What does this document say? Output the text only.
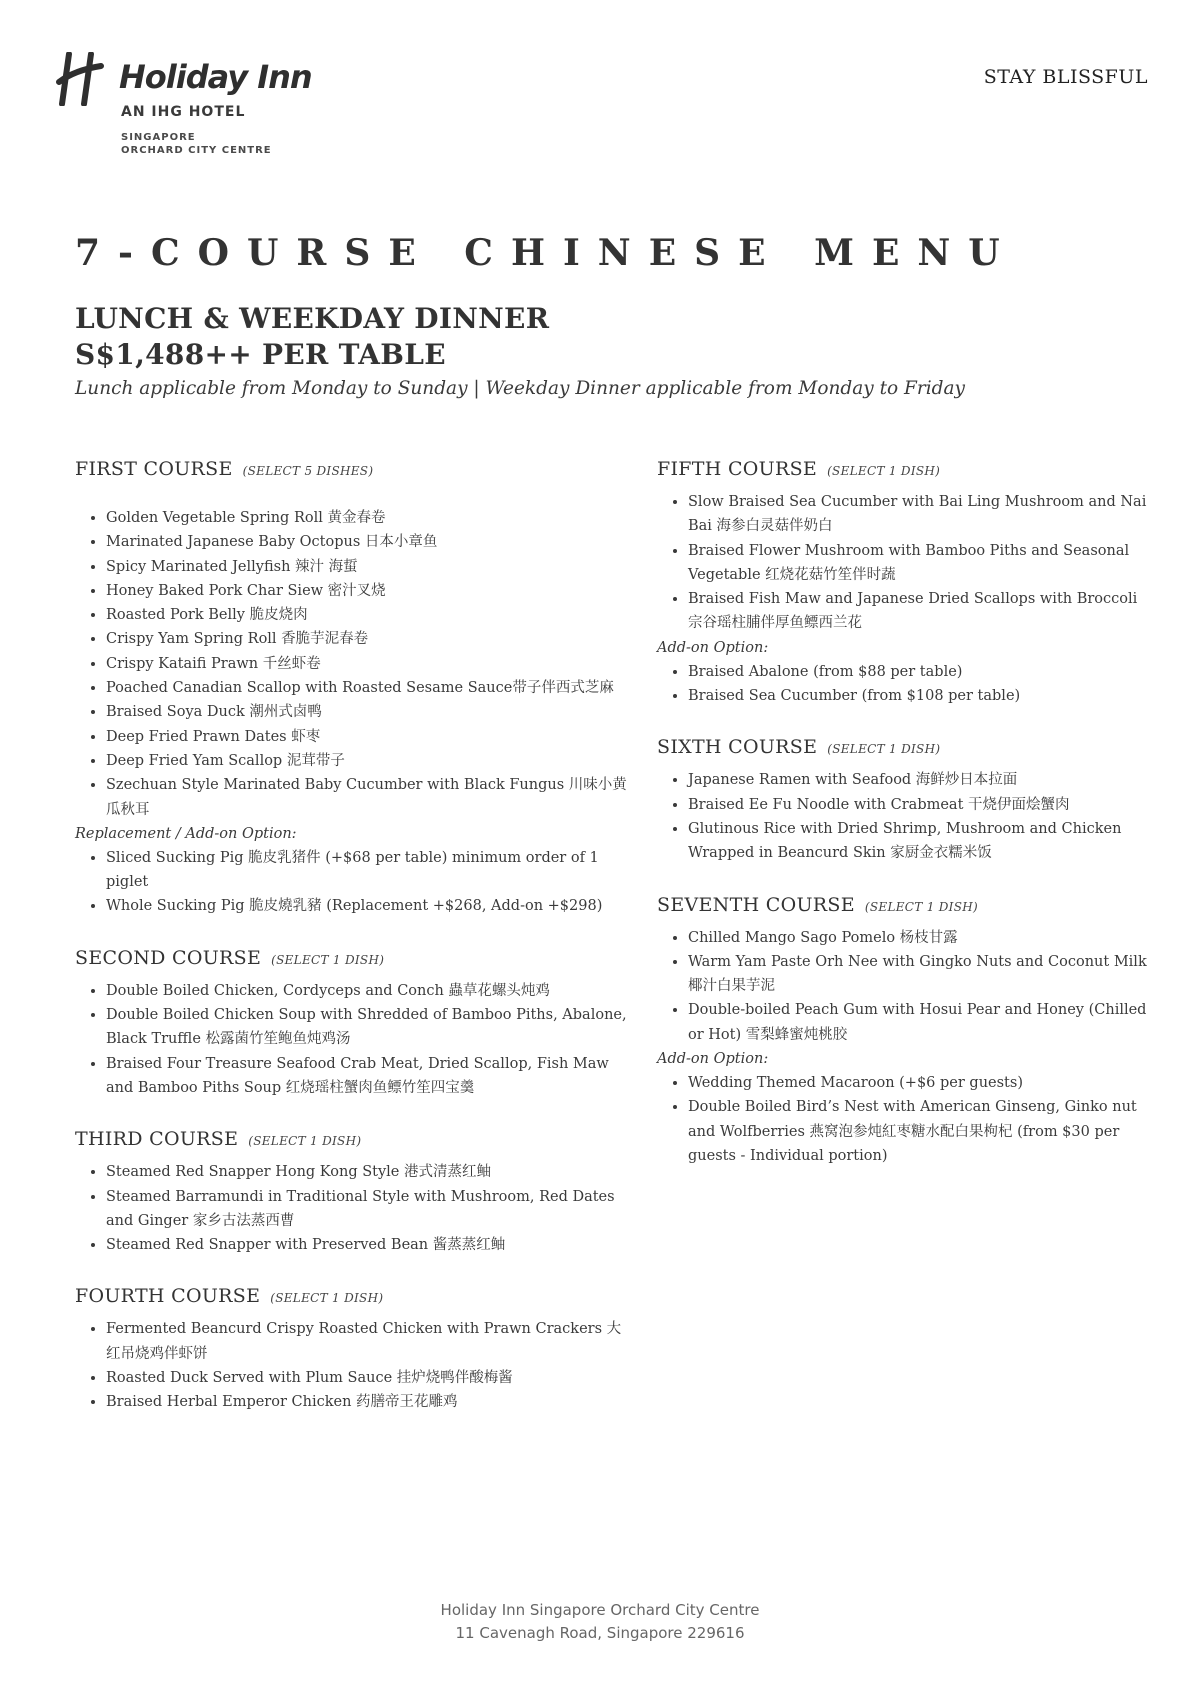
Holiday Inn
AN IHG HOTEL
SINGAPORE
ORCHARD CITY CENTRE
STAY BLISSFUL
7-COURSE CHINESE MENU
LUNCH & WEEKDAY DINNER
S$1,488++ PER TABLE
Lunch applicable from Monday to Sunday | Weekday Dinner applicable from Monday to Friday
FIRST COURSE (SELECT 5 DISHES)
• Golden Vegetable Spring Roll 黄金春卷
• Marinated Japanese Baby Octopus 日本小章鱼
• Spicy Marinated Jellyfish 辣汁 海蜇
• Honey Baked Pork Char Siew 密汁叉烧
• Roasted Pork Belly 脆皮烧肉
• Crispy Yam Spring Roll 香脆芋泥春卷
• Crispy Kataifi Prawn 千丝虾卷
• Poached Canadian Scallop with Roasted Sesame Sauce带子伴西式芝麻
• Braised Soya Duck 潮州式卤鸭
• Deep Fried Prawn Dates 虾枣
• Deep Fried Yam Scallop 泥茸带子
• Szechuan Style Marinated Baby Cucumber with Black Fungus 川味小黄瓜秋耳
Replacement / Add-on Option:
• Sliced Sucking Pig 脆皮乳猪件 (+$68 per table) minimum order of 1 piglet
• Whole Sucking Pig 脆皮燒乳豬 (Replacement +$268, Add-on +$298)
SECOND COURSE (SELECT 1 DISH)
• Double Boiled Chicken, Cordyceps and Conch 蟲草花螺头炖鸡
• Double Boiled Chicken Soup with Shredded of Bamboo Piths, Abalone, Black Truffle 松露菌竹笙鲍鱼炖鸡汤
• Braised Four Treasure Seafood Crab Meat, Dried Scallop, Fish Maw and Bamboo Piths Soup 红烧瑶柱蟹肉鱼鳔竹笙四宝羹
THIRD COURSE (SELECT 1 DISH)
• Steamed Red Snapper Hong Kong Style 港式清蒸红鲉
• Steamed Barramundi in Traditional Style with Mushroom, Red Dates and Ginger 家乡古法蒸西曹
• Steamed Red Snapper with Preserved Bean 酱蒸蒸红鲉
FOURTH COURSE (SELECT 1 DISH)
• Fermented Beancurd Crispy Roasted Chicken with Prawn Crackers 大红吊烧鸡伴虾饼
• Roasted Duck Served with Plum Sauce 挂炉烧鸭伴酸梅酱
• Braised Herbal Emperor Chicken 药膳帝王花雕鸡
FIFTH COURSE (SELECT 1 DISH)
• Slow Braised Sea Cucumber with Bai Ling Mushroom and Nai Bai 海参白灵菇伴奶白
• Braised Flower Mushroom with Bamboo Piths and Seasonal Vegetable 红烧花菇竹笙伴时蔬
• Braised Fish Maw and Japanese Dried Scallops with Broccoli 宗谷瑶柱脯伴厚鱼鳔西兰花
Add-on Option:
• Braised Abalone (from $88 per table)
• Braised Sea Cucumber (from $108 per table)
SIXTH COURSE (SELECT 1 DISH)
• Japanese Ramen with Seafood 海鲜炒日本拉面
• Braised Ee Fu Noodle with Crabmeat 干烧伊面烩蟹肉
• Glutinous Rice with Dried Shrimp, Mushroom and Chicken Wrapped in Beancurd Skin 家厨金衣糯米饭
SEVENTH COURSE (SELECT 1 DISH)
• Chilled Mango Sago Pomelo 杨枝甘露
• Warm Yam Paste Orh Nee with Gingko Nuts and Coconut Milk 椰汁白果芋泥
• Double-boiled Peach Gum with Hosui Pear and Honey (Chilled or Hot) 雪梨蜂蜜炖桃胶
Add-on Option:
• Wedding Themed Macaroon (+$6 per guests)
• Double Boiled Bird’s Nest with American Ginseng, Ginko nut and Wolfberries 燕窝泡参炖紅枣糖水配白果枸杞 (from $30 per guests - Individual portion)
Holiday Inn Singapore Orchard City Centre
11 Cavenagh Road, Singapore 229616
